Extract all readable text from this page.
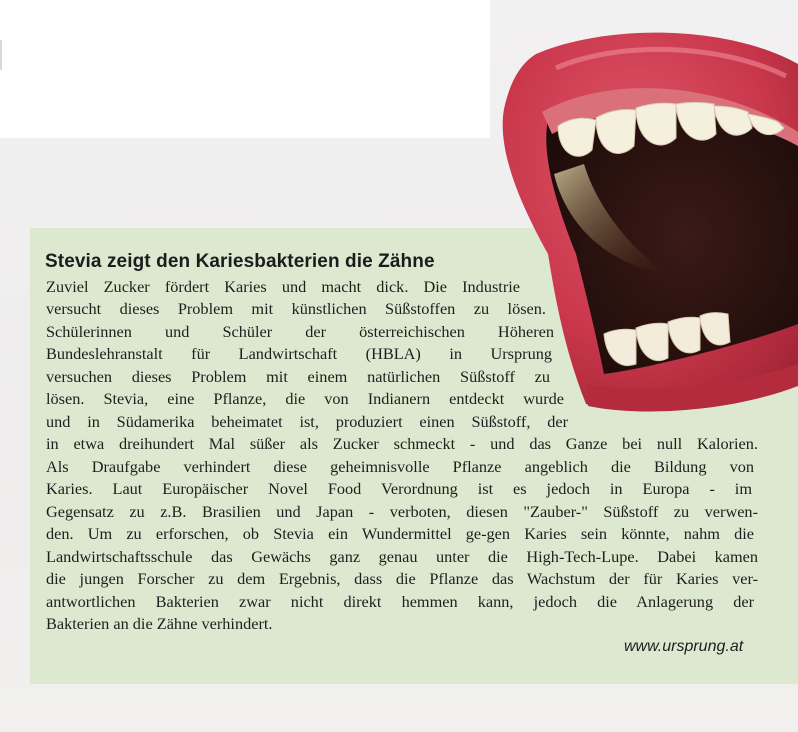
Stevia zeigt den Kariesbakterien die Zähne
Zuviel Zucker fördert Karies und macht dick. Die Industrie
versucht dieses Problem mit künstlichen Süßstoffen zu lösen.
Schülerinnen und Schüler der österreichischen Höheren
Bundeslehranstalt für Landwirtschaft (HBLA) in Ursprung
versuchen dieses Problem mit einem natürlichen Süßstoff zu
lösen. Stevia, eine Pflanze, die von Indianern entdeckt wurde
und in Südamerika beheimatet ist, produziert einen Süßstoff, der
in etwa dreihundert Mal süßer als Zucker schmeckt - und das Ganze bei null Kalorien.
Als Draufgabe verhindert diese geheimnisvolle Pflanze angeblich die Bildung von
Karies. Laut Europäischer Novel Food Verordnung ist es jedoch in Europa - im
Gegensatz zu z.B. Brasilien und Japan - verboten, diesen "Zauber-" Süßstoff zu verwen-
den. Um zu erforschen, ob Stevia ein Wundermittel ge-gen Karies sein könnte, nahm die
Landwirtschaftsschule das Gewächs ganz genau unter die High-Tech-Lupe. Dabei kamen
die jungen Forscher zu dem Ergebnis, dass die Pflanze das Wachstum der für Karies ver-
antwortlichen Bakterien zwar nicht direkt hemmen kann, jedoch die Anlagerung der
Bakterien an die Zähne verhindert.
www.ursprung.at
